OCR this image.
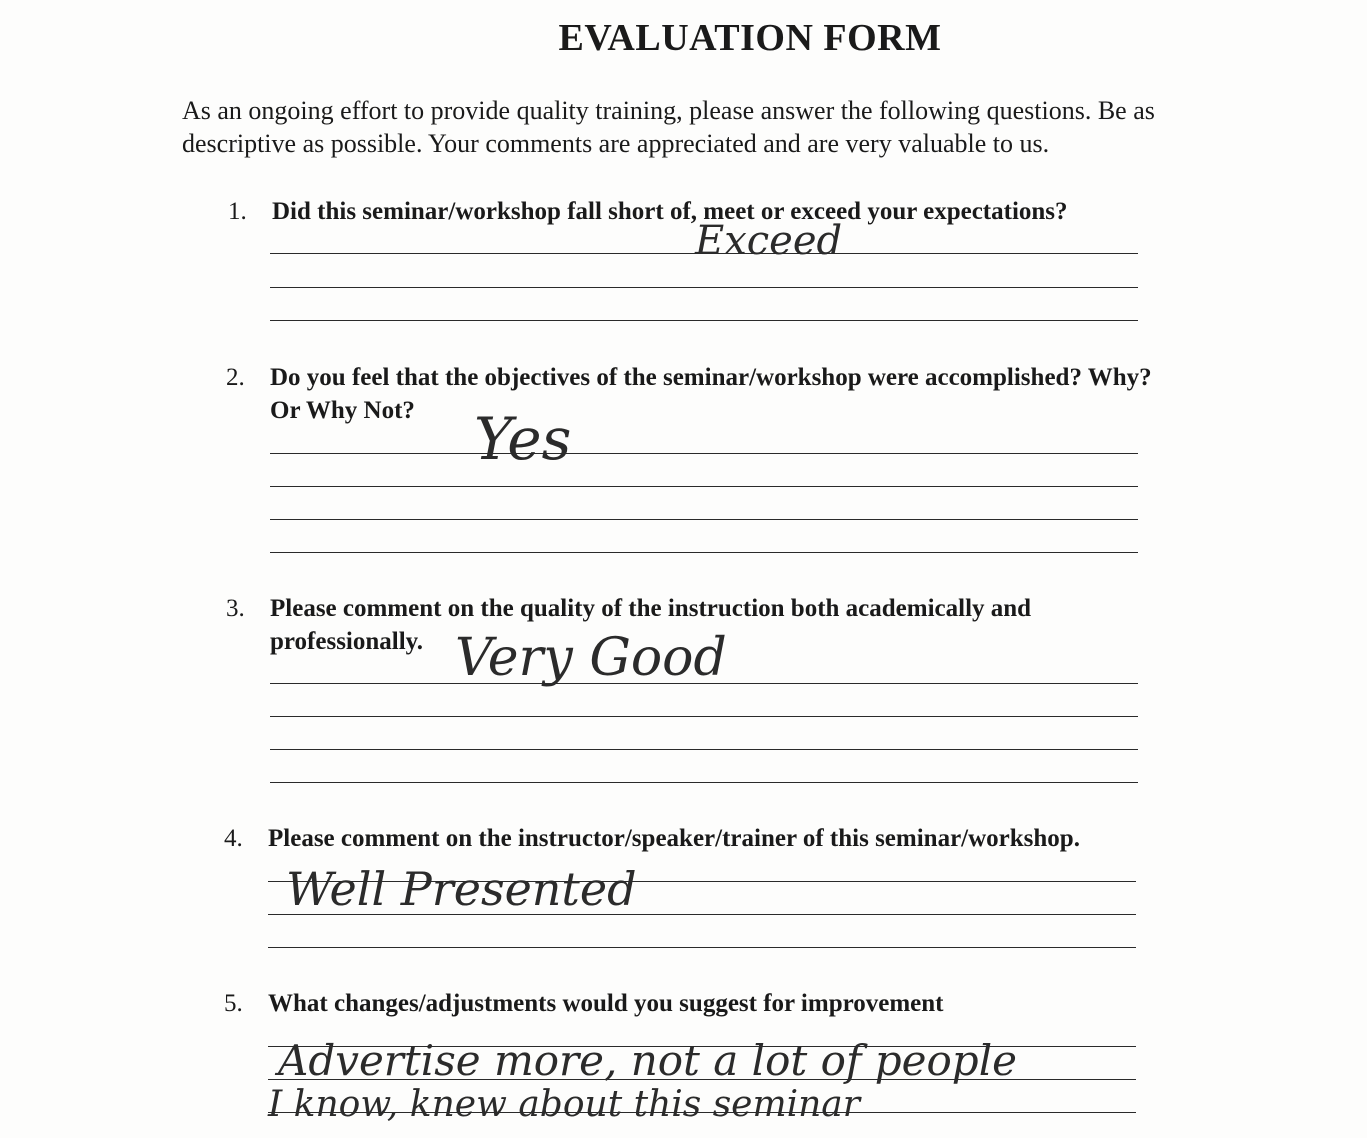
EVALUATION FORM
As an ongoing effort to provide quality training, please answer the following questions. Be as
descriptive as possible. Your comments are appreciated and are very valuable to us.
1. Did this seminar/workshop fall short of, meet or exceed your expectations?
Exceed
2. Do you feel that the objectives of the seminar/workshop were accomplished? Why?
Or Why Not? Yes
3. Please comment on the quality of the instruction both academically and
professionally. Very Good
4. Please comment on the instructor/speaker/trainer of this seminar/workshop.
Well Presented
5. What changes/adjustments would you suggest for improvement
Advertise more, not a lot of people
I know, knew about this seminar
